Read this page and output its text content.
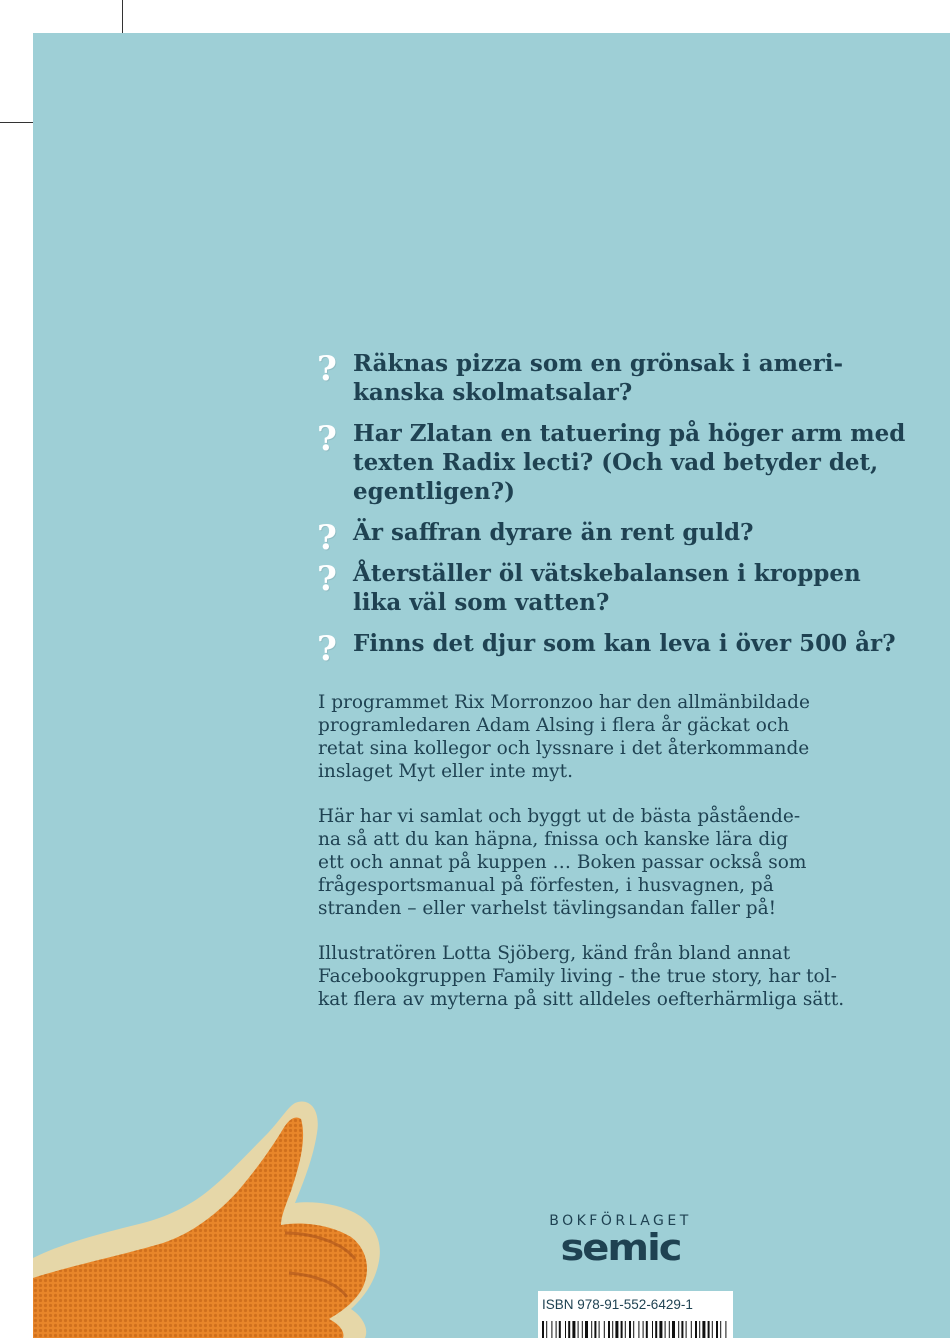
? Räknas pizza som en grönsak i ameri-
kanska skolmatsalar?
? Har Zlatan en tatuering på höger arm med
texten Radix lecti? (Och vad betyder det,
egentligen?)
? Är saffran dyrare än rent guld?
? Återställer öl vätskebalansen i kroppen
lika väl som vatten?
? Finns det djur som kan leva i över 500 år?

I programmet Rix Morronzoo har den allmänbildade
programledaren Adam Alsing i flera år gäckat och
retat sina kollegor och lyssnare i det återkommande
inslaget Myt eller inte myt.

Här har vi samlat och byggt ut de bästa påstående-
na så att du kan häpna, fnissa och kanske lära dig
ett och annat på kuppen … Boken passar också som
frågesportsmanual på förfesten, i husvagnen, på
stranden – eller varhelst tävlingsandan faller på!

Illustratören Lotta Sjöberg, känd från bland annat
Facebookgruppen Family living - the true story, har tol-
kat flera av myterna på sitt alldeles oefterhärmliga sätt.

BOKFÖRLAGET
semic
ISBN 978-91-552-6429-1
